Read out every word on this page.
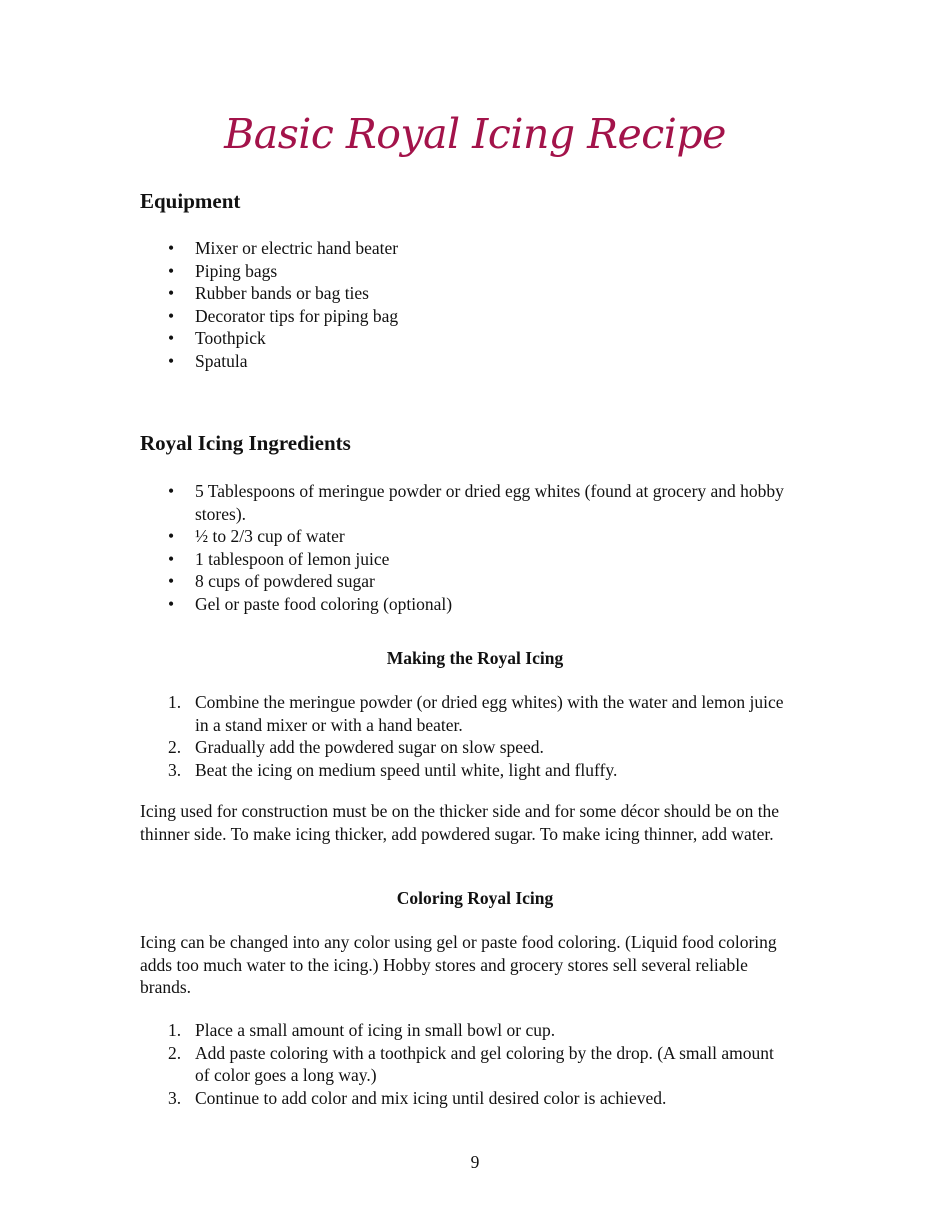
Basic Royal Icing Recipe
Equipment
• Mixer or electric hand beater
• Piping bags
• Rubber bands or bag ties
• Decorator tips for piping bag
• Toothpick
• Spatula
Royal Icing Ingredients
• 5 Tablespoons of meringue powder or dried egg whites (found at grocery and hobby stores).
• ½ to 2/3 cup of water
• 1 tablespoon of lemon juice
• 8 cups of powdered sugar
• Gel or paste food coloring (optional)
Making the Royal Icing
1. Combine the meringue powder (or dried egg whites) with the water and lemon juice in a stand mixer or with a hand beater.
2. Gradually add the powdered sugar on slow speed.
3. Beat the icing on medium speed until white, light and fluffy.
Icing used for construction must be on the thicker side and for some décor should be on the thinner side. To make icing thicker, add powdered sugar. To make icing thinner, add water.
Coloring Royal Icing
Icing can be changed into any color using gel or paste food coloring. (Liquid food coloring adds too much water to the icing.) Hobby stores and grocery stores sell several reliable brands.
1. Place a small amount of icing in small bowl or cup.
2. Add paste coloring with a toothpick and gel coloring by the drop. (A small amount of color goes a long way.)
3. Continue to add color and mix icing until desired color is achieved.
9
